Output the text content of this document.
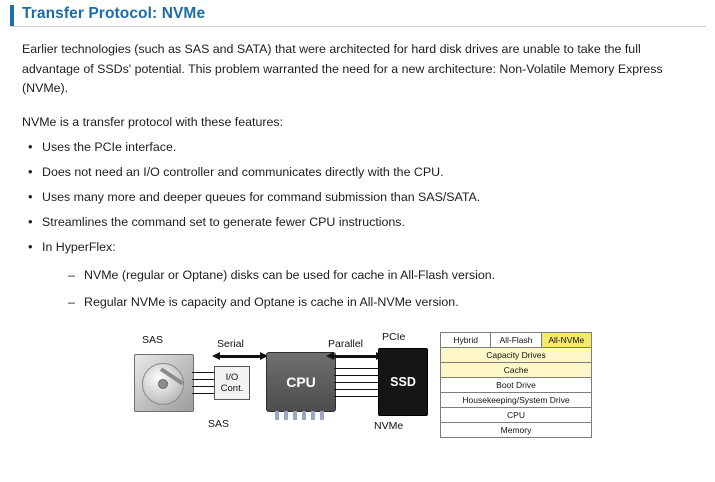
Transfer Protocol: NVMe

Earlier technologies (such as SAS and SATA) that were architected for hard disk drives are unable to take the full advantage of SSDs' potential. This problem warranted the need for a new architecture: Non-Volatile Memory Express (NVMe).

NVMe is a transfer protocol with these features:

• Uses the PCIe interface.
• Does not need an I/O controller and communicates directly with the CPU.
• Uses many more and deeper queues for command submission than SAS/SATA.
• Streamlines the command set to generate fewer CPU instructions.
• In HyperFlex:
– NVMe (regular or Optane) disks can be used for cache in All-Flash version.
– Regular NVMe is capacity and Optane is cache in All-NVMe version.
SAS
SAS
Serial	Parallel
PCIe
NVMe
I/O
Cont.	CPU	SSD
Hybrid	All-Flash	All-NVMe
Capacity Drives
Cache
Boot Drive
Housekeeping/System Drive
CPU
Memory
